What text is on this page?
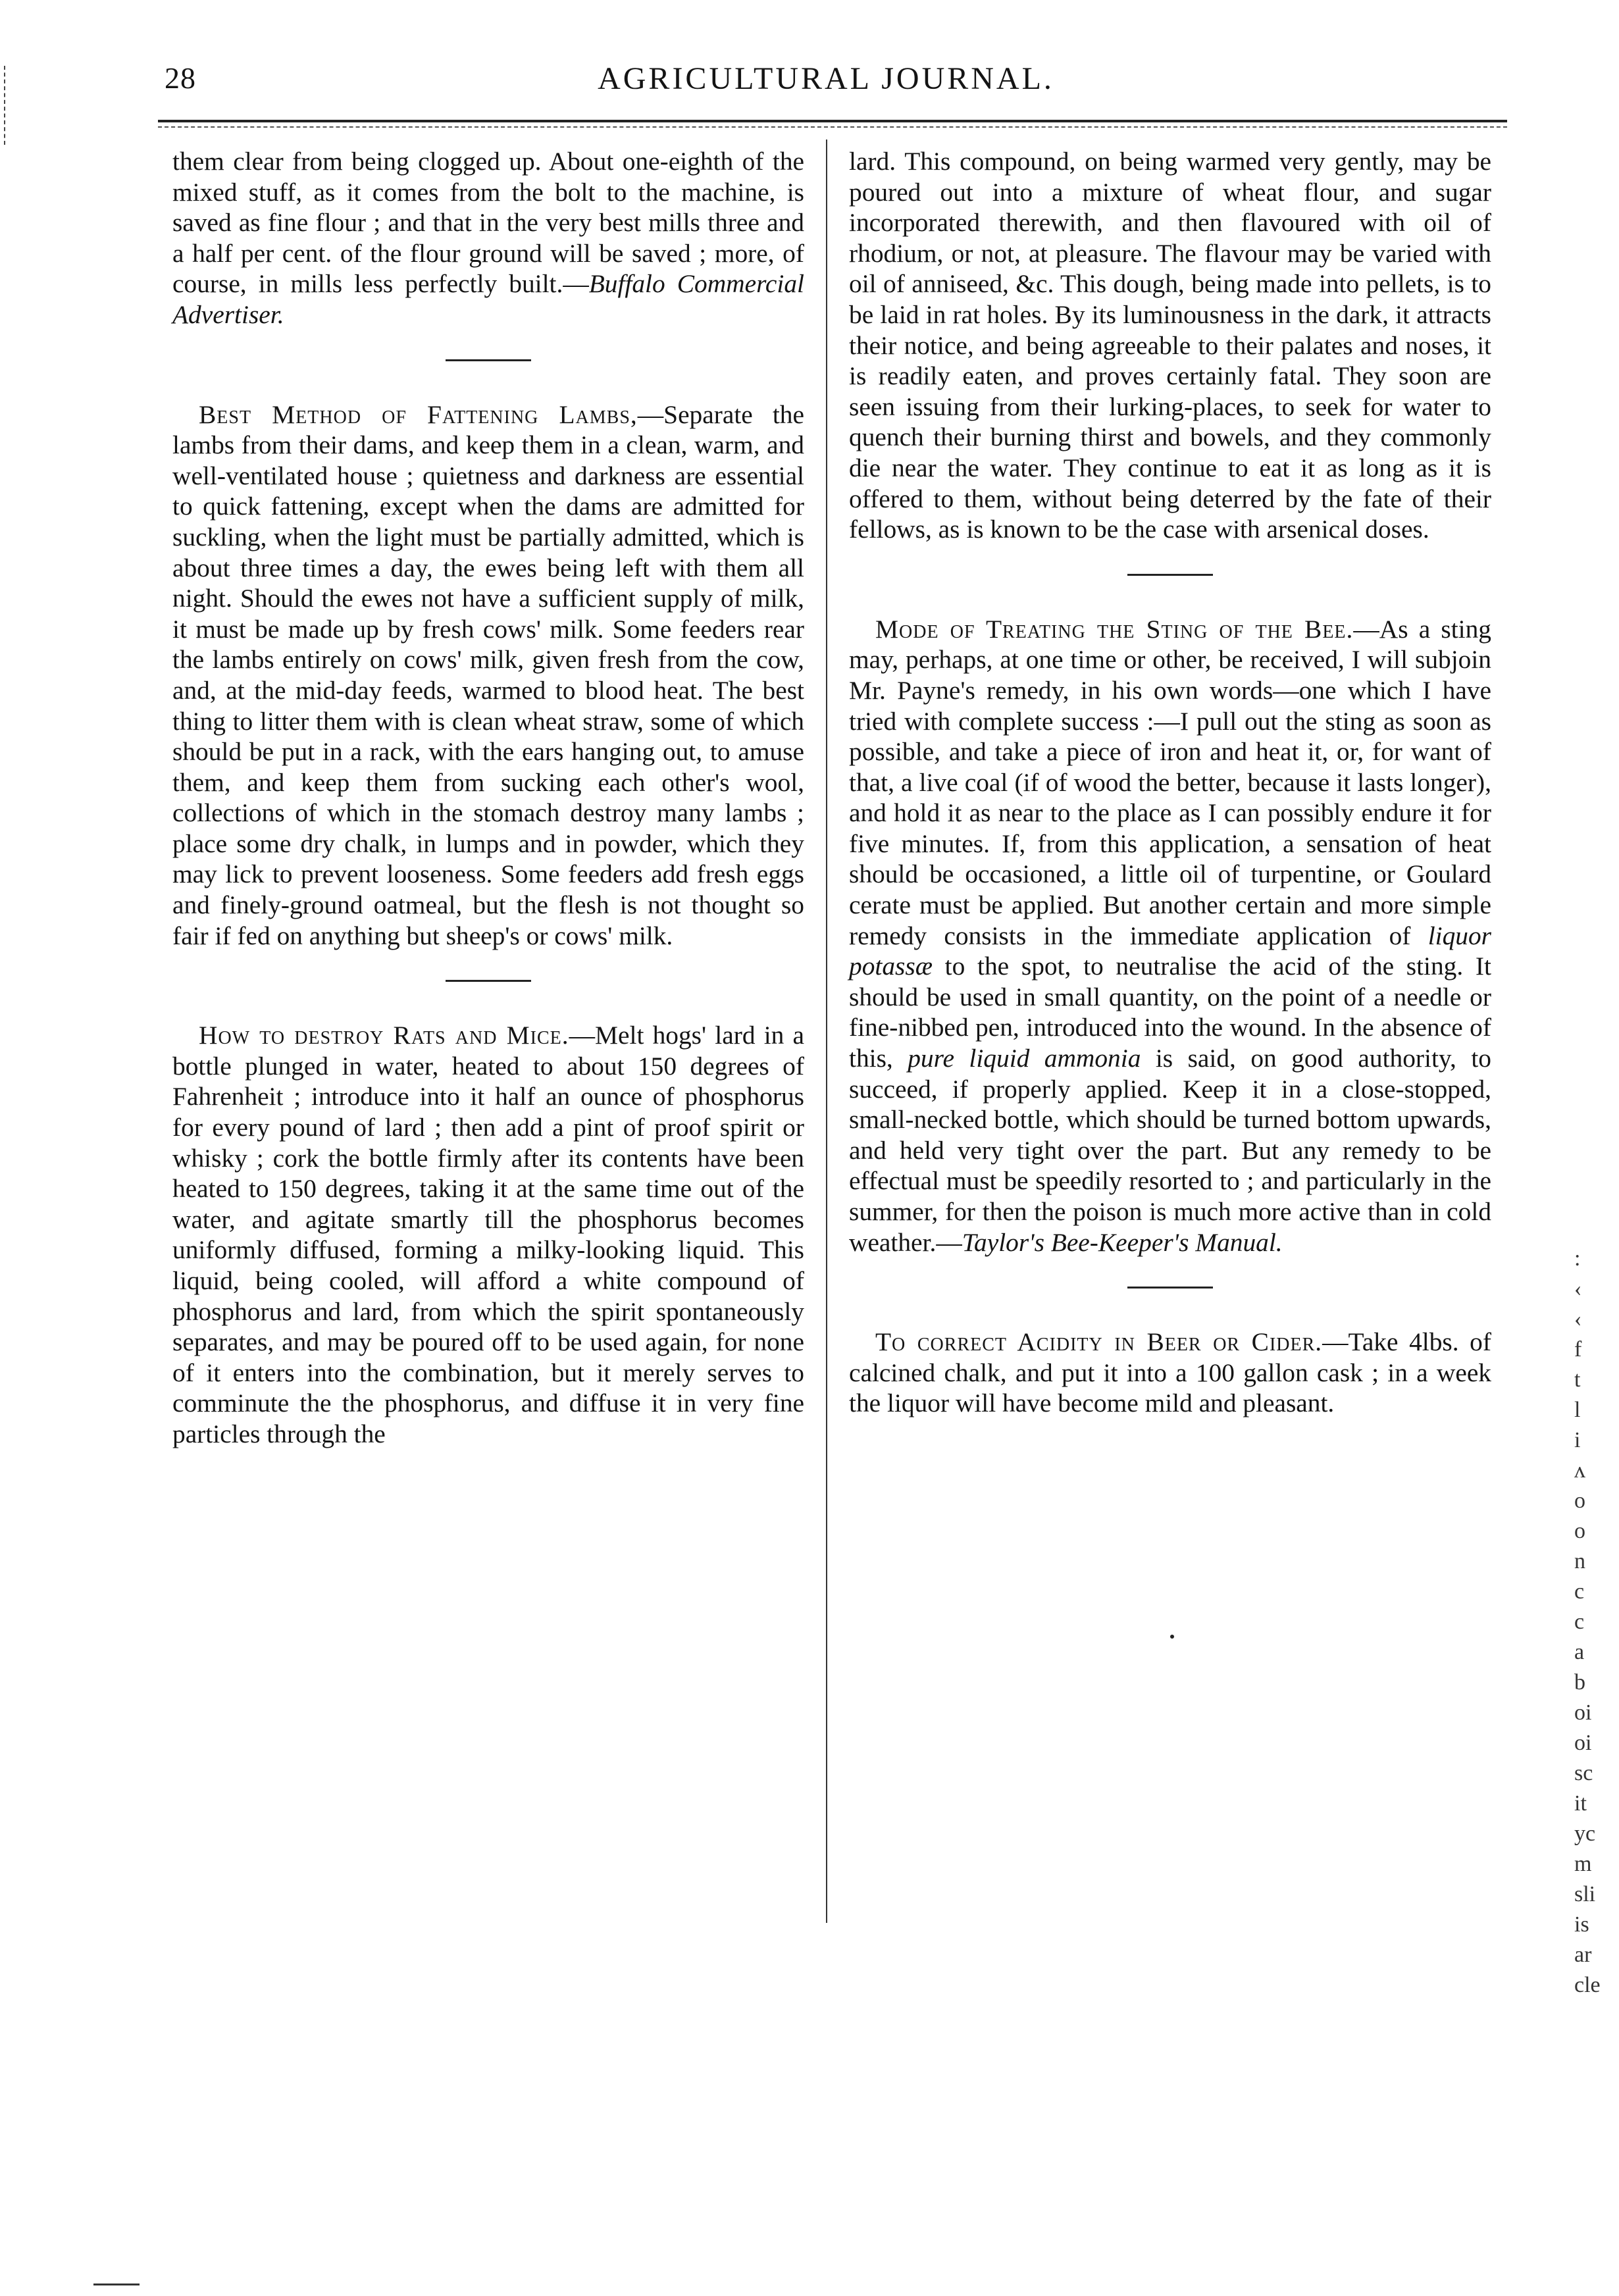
28	AGRICULTURAL JOURNAL.

them clear from being clogged up. About one-eighth of the mixed stuff, as it comes from the bolt to the machine, is saved as fine flour ; and that in the very best mills three and a half per cent. of the flour ground will be saved ; more, of course, in mills less perfectly built.—Buffalo Commercial Advertiser.

Best Method of Fattening Lambs,—Separate the lambs from their dams, and keep them in a clean, warm, and well-ventilated house ; quietness and darkness are essential to quick fattening, except when the dams are admitted for suckling, when the light must be partially admitted, which is about three times a day, the ewes being left with them all night. Should the ewes not have a sufficient supply of milk, it must be made up by fresh cows' milk. Some feeders rear the lambs entirely on cows' milk, given fresh from the cow, and, at the mid-day feeds, warmed to blood heat. The best thing to litter them with is clean wheat straw, some of which should be put in a rack, with the ears hanging out, to amuse them, and keep them from sucking each other's wool, collections of which in the stomach destroy many lambs ; place some dry chalk, in lumps and in powder, which they may lick to prevent looseness. Some feeders add fresh eggs and finely-ground oatmeal, but the flesh is not thought so fair if fed on anything but sheep's or cows' milk.

How to destroy Rats and Mice.—Melt hogs' lard in a bottle plunged in water, heated to about 150 degrees of Fahrenheit ; introduce into it half an ounce of phosphorus for every pound of lard ; then add a pint of proof spirit or whisky ; cork the bottle firmly after its contents have been heated to 150 degrees, taking it at the same time out of the water, and agitate smartly till the phosphorus becomes uniformly diffused, forming a milky-looking liquid. This liquid, being cooled, will afford a white compound of phosphorus and lard, from which the spirit spontaneously separates, and may be poured off to be used again, for none of it enters into the combination, but it merely serves to comminute the the phosphorus, and diffuse it in very fine particles through the

lard. This compound, on being warmed very gently, may be poured out into a mixture of wheat flour, and sugar incorporated therewith, and then flavoured with oil of rhodium, or not, at pleasure. The flavour may be varied with oil of anniseed, &c. This dough, being made into pellets, is to be laid in rat holes. By its luminousness in the dark, it attracts their notice, and being agreeable to their palates and noses, it is readily eaten, and proves certainly fatal. They soon are seen issuing from their lurking-places, to seek for water to quench their burning thirst and bowels, and they commonly die near the water. They continue to eat it as long as it is offered to them, without being deterred by the fate of their fellows, as is known to be the case with arsenical doses.

Mode of Treating the Sting of the Bee.—As a sting may, perhaps, at one time or other, be received, I will subjoin Mr. Payne's remedy, in his own words—one which I have tried with complete success :—I pull out the sting as soon as possible, and take a piece of iron and heat it, or, for want of that, a live coal (if of wood the better, because it lasts longer), and hold it as near to the place as I can possibly endure it for five minutes. If, from this application, a sensation of heat should be occasioned, a little oil of turpentine, or Goulard cerate must be applied. But another certain and more simple remedy consists in the immediate application of liquor potassæ to the spot, to neutralise the acid of the sting. It should be used in small quantity, on the point of a needle or fine-nibbed pen, introduced into the wound. In the absence of this, pure liquid ammonia is said, on good authority, to succeed, if properly applied. Keep it in a close-stopped, small-necked bottle, which should be turned bottom upwards, and held very tight over the part. But any remedy to be effectual must be speedily resorted to ; and particularly in the summer, for then the poison is much more active than in cold weather.—Taylor's Bee-Keeper's Manual.

To correct Acidity in Beer or Cider.—Take 4lbs. of calcined chalk, and put it into a 100 gallon cask ; in a week the liquor will have become mild and pleasant.

:
‹
‹
f
t
l
i
ʌ
o
o
n
c
c
a
b
oi
oi
sc
it
yc
m
sli
is
ar
cle
